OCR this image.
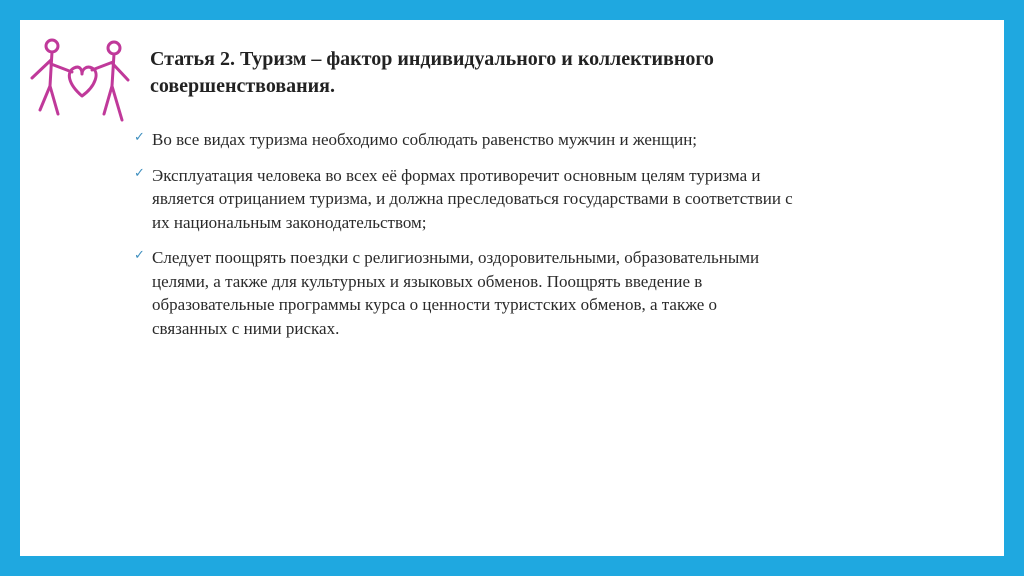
Статья 2. Туризм – фактор индивидуального и коллективного совершенствования.
✓ Во все видах туризма необходимо соблюдать равенство мужчин и женщин;
✓ Эксплуатация человека во всех её формах противоречит основным целям туризма и является отрицанием туризма, и должна преследоваться государствами в соответствии с их национальным законодательством;
✓ Следует поощрять поездки с религиозными, оздоровительными, образовательными целями, а также для культурных и языковых обменов. Поощрять введение в образовательные программы курса о ценности туристских обменов, а также о связанных с ними рисках.
